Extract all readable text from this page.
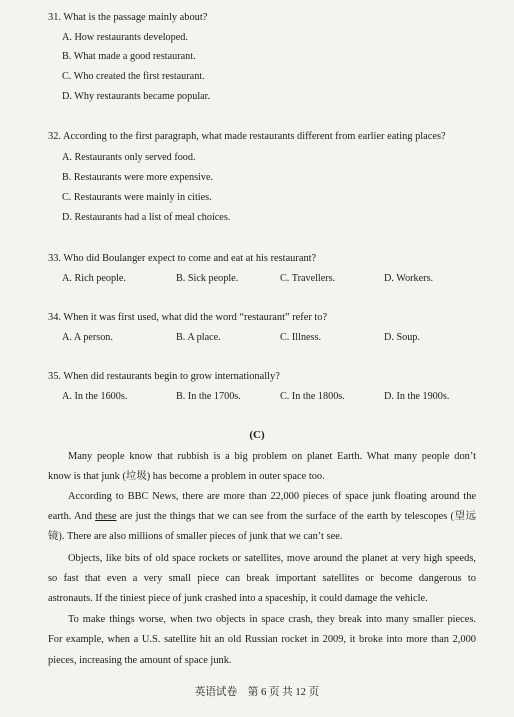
31. What is the passage mainly about?
A. How restaurants developed.
B. What made a good restaurant.
C. Who created the first restaurant.
D. Why restaurants became popular.
32. According to the first paragraph, what made restaurants different from earlier eating places?
A. Restaurants only served food.
B. Restaurants were more expensive.
C. Restaurants were mainly in cities.
D. Restaurants had a list of meal choices.
33. Who did Boulanger expect to come and eat at his restaurant?
A. Rich people.	B. Sick people.	C. Travellers.	D. Workers.
34. When it was first used, what did the word “restaurant” refer to?
A. A person.	B. A place.	C. Illness.	D. Soup.
35. When did restaurants begin to grow internationally?
A. In the 1600s.	B. In the 1700s.	C. In the 1800s.	D. In the 1900s.
(C)
Many people know that rubbish is a big problem on planet Earth. What many people don’t
know is that junk (垃圾) has become a problem in outer space too.
According to BBC News, there are more than 22,000 pieces of space junk floating around the
earth. And these are just the things that we can see from the surface of the earth by telescopes (望远
镜). There are also millions of smaller pieces of junk that we can’t see.
Objects, like bits of old space rockets or satellites, move around the planet at very high speeds,
so fast that even a very small piece can break important satellites or become dangerous to
astronauts. If the tiniest piece of junk crashed into a spaceship, it could damage the vehicle.
To make things worse, when two objects in space crash, they break into many smaller pieces.
For example, when a U.S. satellite hit an old Russian rocket in 2009, it broke into more than 2,000
pieces, increasing the amount of space junk.
英语试卷　第 6 页 共 12 页
